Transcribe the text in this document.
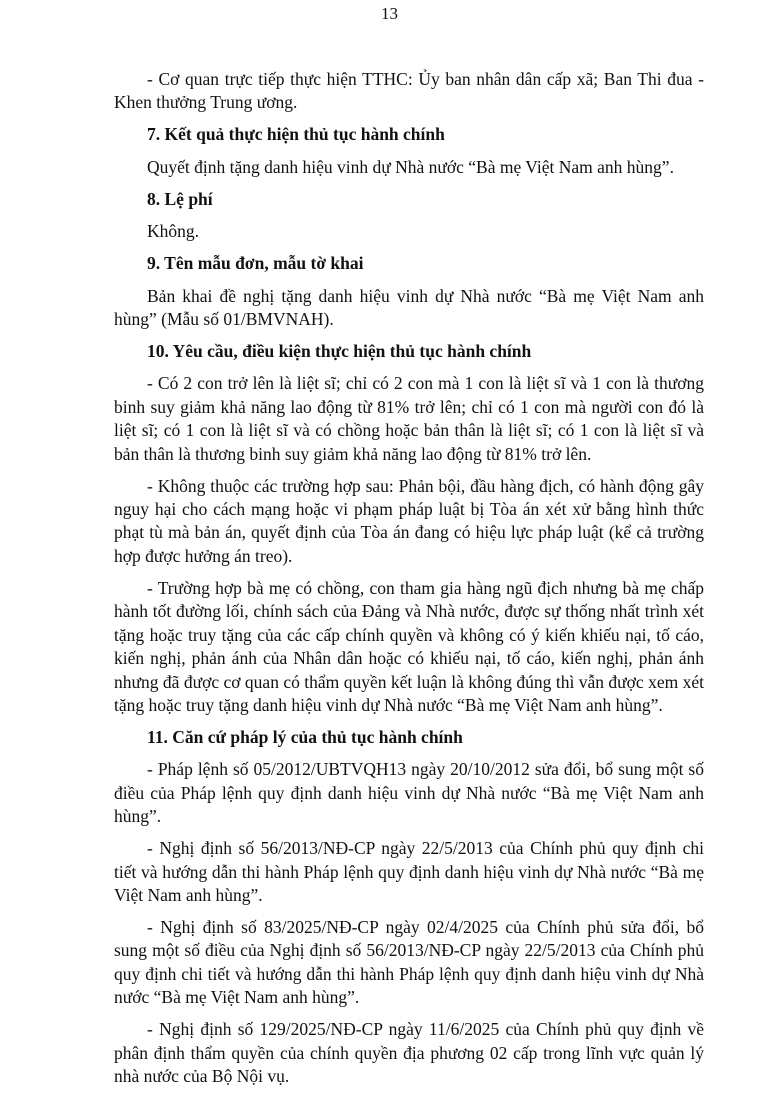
13

- Cơ quan trực tiếp thực hiện TTHC: Ủy ban nhân dân cấp xã; Ban Thi đua - Khen thưởng Trung ương.

7. Kết quả thực hiện thủ tục hành chính

Quyết định tặng danh hiệu vinh dự Nhà nước “Bà mẹ Việt Nam anh hùng”.

8. Lệ phí

Không.

9. Tên mẫu đơn, mẫu tờ khai

Bản khai đề nghị tặng danh hiệu vinh dự Nhà nước “Bà mẹ Việt Nam anh hùng” (Mẫu số 01/BMVNAH).

10. Yêu cầu, điều kiện thực hiện thủ tục hành chính

- Có 2 con trở lên là liệt sĩ; chỉ có 2 con mà 1 con là liệt sĩ và 1 con là thương binh suy giảm khả năng lao động từ 81% trở lên; chỉ có 1 con mà người con đó là liệt sĩ; có 1 con là liệt sĩ và có chồng hoặc bản thân là liệt sĩ; có 1 con là liệt sĩ và bản thân là thương binh suy giảm khả năng lao động từ 81% trở lên.

- Không thuộc các trường hợp sau: Phản bội, đầu hàng địch, có hành động gây nguy hại cho cách mạng hoặc vi phạm pháp luật bị Tòa án xét xử bằng hình thức phạt tù mà bản án, quyết định của Tòa án đang có hiệu lực pháp luật (kể cả trường hợp được hưởng án treo).

- Trường hợp bà mẹ có chồng, con tham gia hàng ngũ địch nhưng bà mẹ chấp hành tốt đường lối, chính sách của Đảng và Nhà nước, được sự thống nhất trình xét tặng hoặc truy tặng của các cấp chính quyền và không có ý kiến khiếu nại, tố cáo, kiến nghị, phản ánh của Nhân dân hoặc có khiếu nại, tố cáo, kiến nghị, phản ánh nhưng đã được cơ quan có thẩm quyền kết luận là không đúng thì vẫn được xem xét tặng hoặc truy tặng danh hiệu vinh dự Nhà nước “Bà mẹ Việt Nam anh hùng”.

11. Căn cứ pháp lý của thủ tục hành chính

- Pháp lệnh số 05/2012/UBTVQH13 ngày 20/10/2012 sửa đổi, bổ sung một số điều của Pháp lệnh quy định danh hiệu vinh dự Nhà nước “Bà mẹ Việt Nam anh hùng”.

- Nghị định số 56/2013/NĐ-CP ngày 22/5/2013 của Chính phủ quy định chi tiết và hướng dẫn thi hành Pháp lệnh quy định danh hiệu vinh dự Nhà nước “Bà mẹ Việt Nam anh hùng”.

- Nghị định số 83/2025/NĐ-CP ngày 02/4/2025 của Chính phủ sửa đổi, bổ sung một số điều của Nghị định số 56/2013/NĐ-CP ngày 22/5/2013 của Chính phủ quy định chi tiết và hướng dẫn thi hành Pháp lệnh quy định danh hiệu vinh dự Nhà nước “Bà mẹ Việt Nam anh hùng”.

- Nghị định số 129/2025/NĐ-CP ngày 11/6/2025 của Chính phủ quy định về phân định thẩm quyền của chính quyền địa phương 02 cấp trong lĩnh vực quản lý nhà nước của Bộ Nội vụ.
